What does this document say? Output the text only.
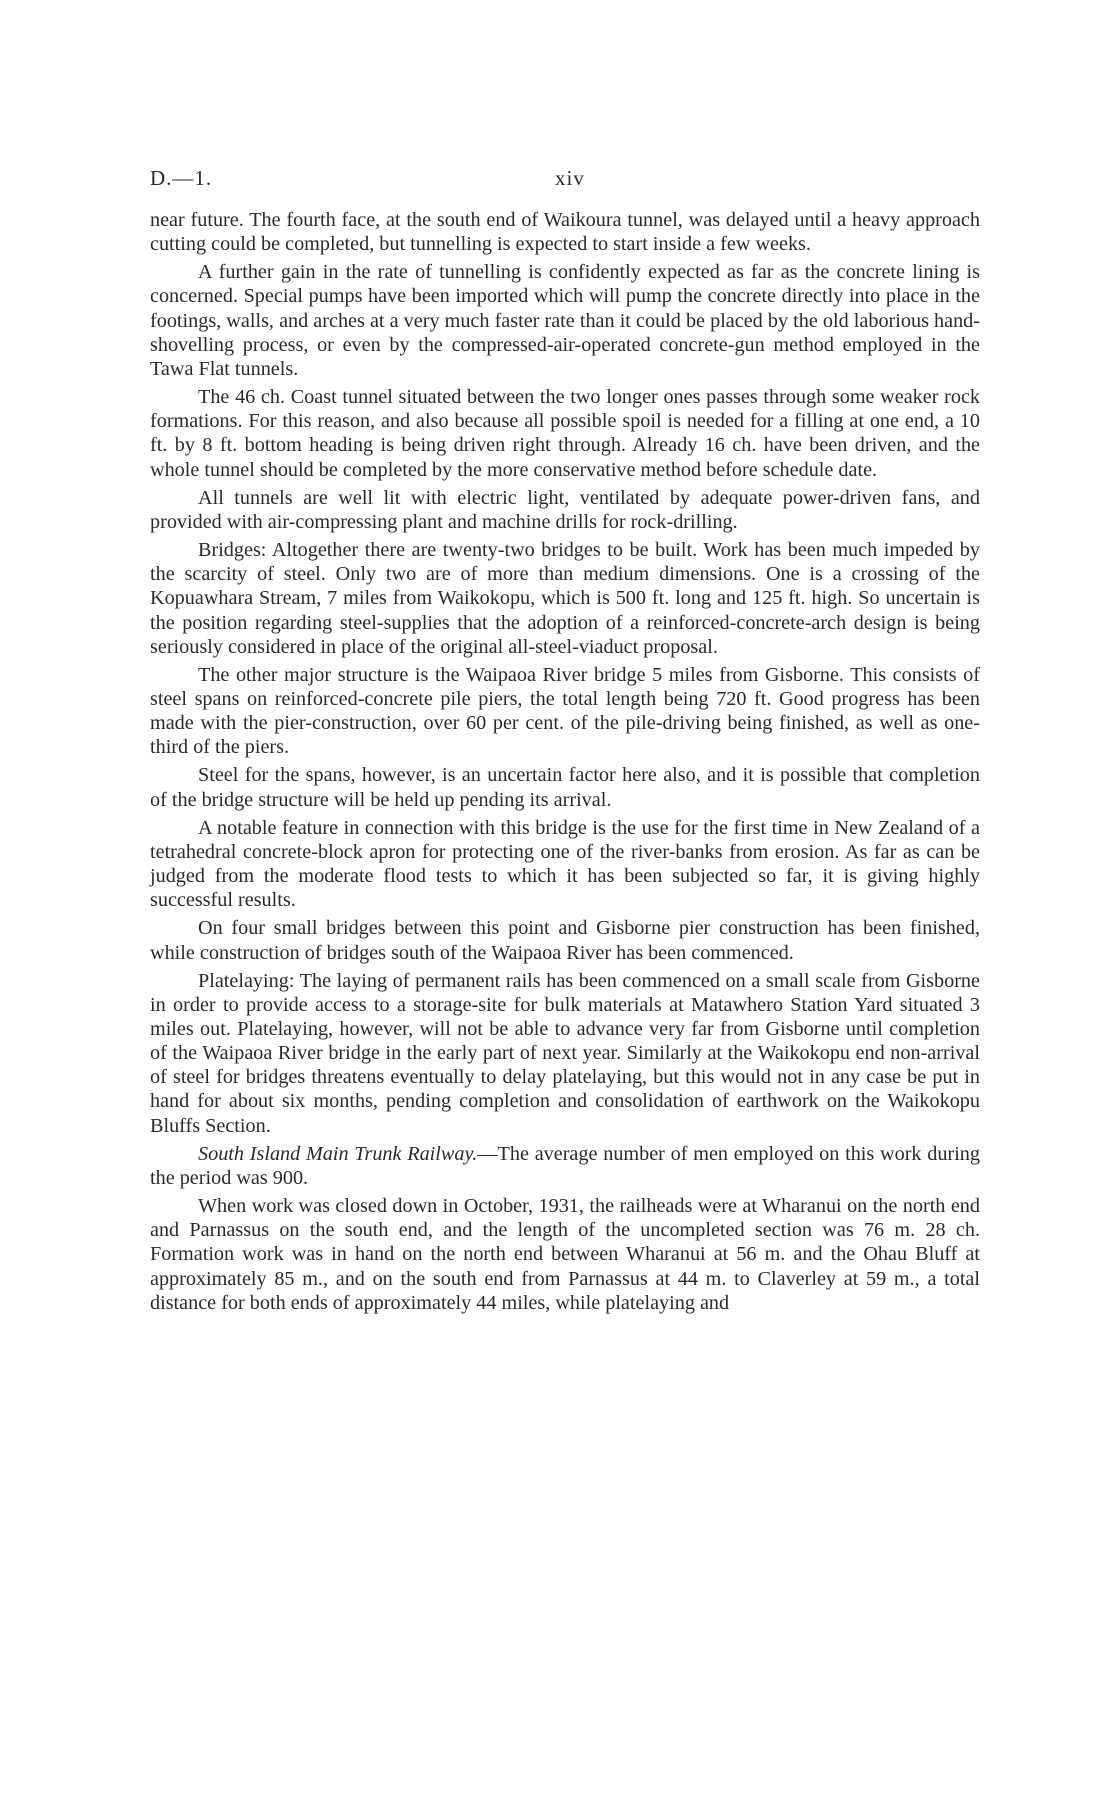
D.—1.	xiv

near future. The fourth face, at the south end of Waikoura tunnel, was delayed until a heavy approach cutting could be completed, but tunnelling is expected to start inside a few weeks.

A further gain in the rate of tunnelling is confidently expected as far as the concrete lining is concerned. Special pumps have been imported which will pump the concrete directly into place in the footings, walls, and arches at a very much faster rate than it could be placed by the old laborious hand-shovelling process, or even by the compressed-air-operated concrete-gun method employed in the Tawa Flat tunnels.

The 46 ch. Coast tunnel situated between the two longer ones passes through some weaker rock formations. For this reason, and also because all possible spoil is needed for a filling at one end, a 10 ft. by 8 ft. bottom heading is being driven right through. Already 16 ch. have been driven, and the whole tunnel should be completed by the more conservative method before schedule date.

All tunnels are well lit with electric light, ventilated by adequate power-driven fans, and provided with air-compressing plant and machine drills for rock-drilling.

Bridges: Altogether there are twenty-two bridges to be built. Work has been much impeded by the scarcity of steel. Only two are of more than medium dimensions. One is a crossing of the Kopuawhara Stream, 7 miles from Waikokopu, which is 500 ft. long and 125 ft. high. So uncertain is the position regarding steel-supplies that the adoption of a reinforced-concrete-arch design is being seriously considered in place of the original all-steel-viaduct proposal.

The other major structure is the Waipaoa River bridge 5 miles from Gisborne. This consists of steel spans on reinforced-concrete pile piers, the total length being 720 ft. Good progress has been made with the pier-construction, over 60 per cent. of the pile-driving being finished, as well as one-third of the piers.

Steel for the spans, however, is an uncertain factor here also, and it is possible that completion of the bridge structure will be held up pending its arrival.

A notable feature in connection with this bridge is the use for the first time in New Zealand of a tetrahedral concrete-block apron for protecting one of the river-banks from erosion. As far as can be judged from the moderate flood tests to which it has been subjected so far, it is giving highly successful results.

On four small bridges between this point and Gisborne pier construction has been finished, while construction of bridges south of the Waipaoa River has been commenced.

Platelaying: The laying of permanent rails has been commenced on a small scale from Gisborne in order to provide access to a storage-site for bulk materials at Matawhero Station Yard situated 3 miles out. Platelaying, however, will not be able to advance very far from Gisborne until completion of the Waipaoa River bridge in the early part of next year. Similarly at the Waikokopu end non-arrival of steel for bridges threatens eventually to delay platelaying, but this would not in any case be put in hand for about six months, pending completion and consolidation of earthwork on the Waikokopu Bluffs Section.

South Island Main Trunk Railway.—The average number of men employed on this work during the period was 900.

When work was closed down in October, 1931, the railheads were at Wharanui on the north end and Parnassus on the south end, and the length of the uncompleted section was 76 m. 28 ch. Formation work was in hand on the north end between Wharanui at 56 m. and the Ohau Bluff at approximately 85 m., and on the south end from Parnassus at 44 m. to Claverley at 59 m., a total distance for both ends of approximately 44 miles, while platelaying and
